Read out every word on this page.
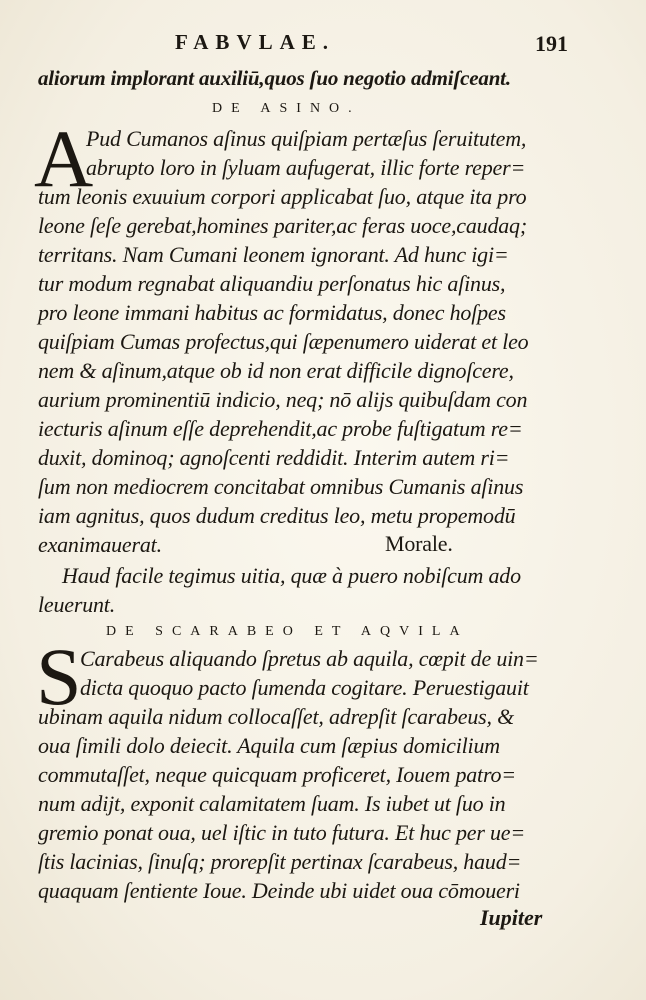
FABVLAE.	191
aliorum implorant auxiliū,quos ſuo negotio admiſceant.
DE ASINO.
A
Pud Cumanos aſinus quiſpiam pertæſus ſeruitutem,
abrupto loro in ſyluam aufugerat, illic forte reper=
tum leonis exuuium corpori applicabat ſuo, atque ita pro
leone ſeſe gerebat,homines pariter,ac feras uoce,caudaq;
territans. Nam Cumani leonem ignorant. Ad hunc igi=
tur modum regnabat aliquandiu perſonatus hic aſinus,
pro leone immani habitus ac formidatus, donec hoſpes
quiſpiam Cumas profectus,qui ſæpenumero uiderat et leo
nem & aſinum,atque ob id non erat difficile dignoſcere,
aurium prominentiū indicio, neq; nō alijs quibuſdam con
iecturis aſinum eſſe deprehendit,ac probe fuſtigatum re=
duxit, dominoq; agnoſcenti reddidit. Interim autem ri=
ſum non mediocrem concitabat omnibus Cumanis aſinus
iam agnitus, quos dudum creditus leo, metu propemodū
exanimauerat.	Morale.
Haud facile tegimus uitia, quæ à puero nobiſcum ado
leuerunt.
DE SCARABEO ET AQVILA
S
Carabeus aliquando ſpretus ab aquila, cœpit de uin=
dicta quoquo pacto ſumenda cogitare. Peruestigauit
ubinam aquila nidum collocaſſet, adrepſit ſcarabeus, &
oua ſimili dolo deiecit. Aquila cum ſæpius domicilium
commutaſſet, neque quicquam proficeret, Iouem patro=
num adijt, exponit calamitatem ſuam. Is iubet ut ſuo in
gremio ponat oua, uel iſtic in tuto futura. Et huc per ue=
ſtis lacinias, ſinuſq; prorepſit pertinax ſcarabeus, haud=
quaquam ſentiente Ioue. Deinde ubi uidet oua cōmoueri
Iupiter
